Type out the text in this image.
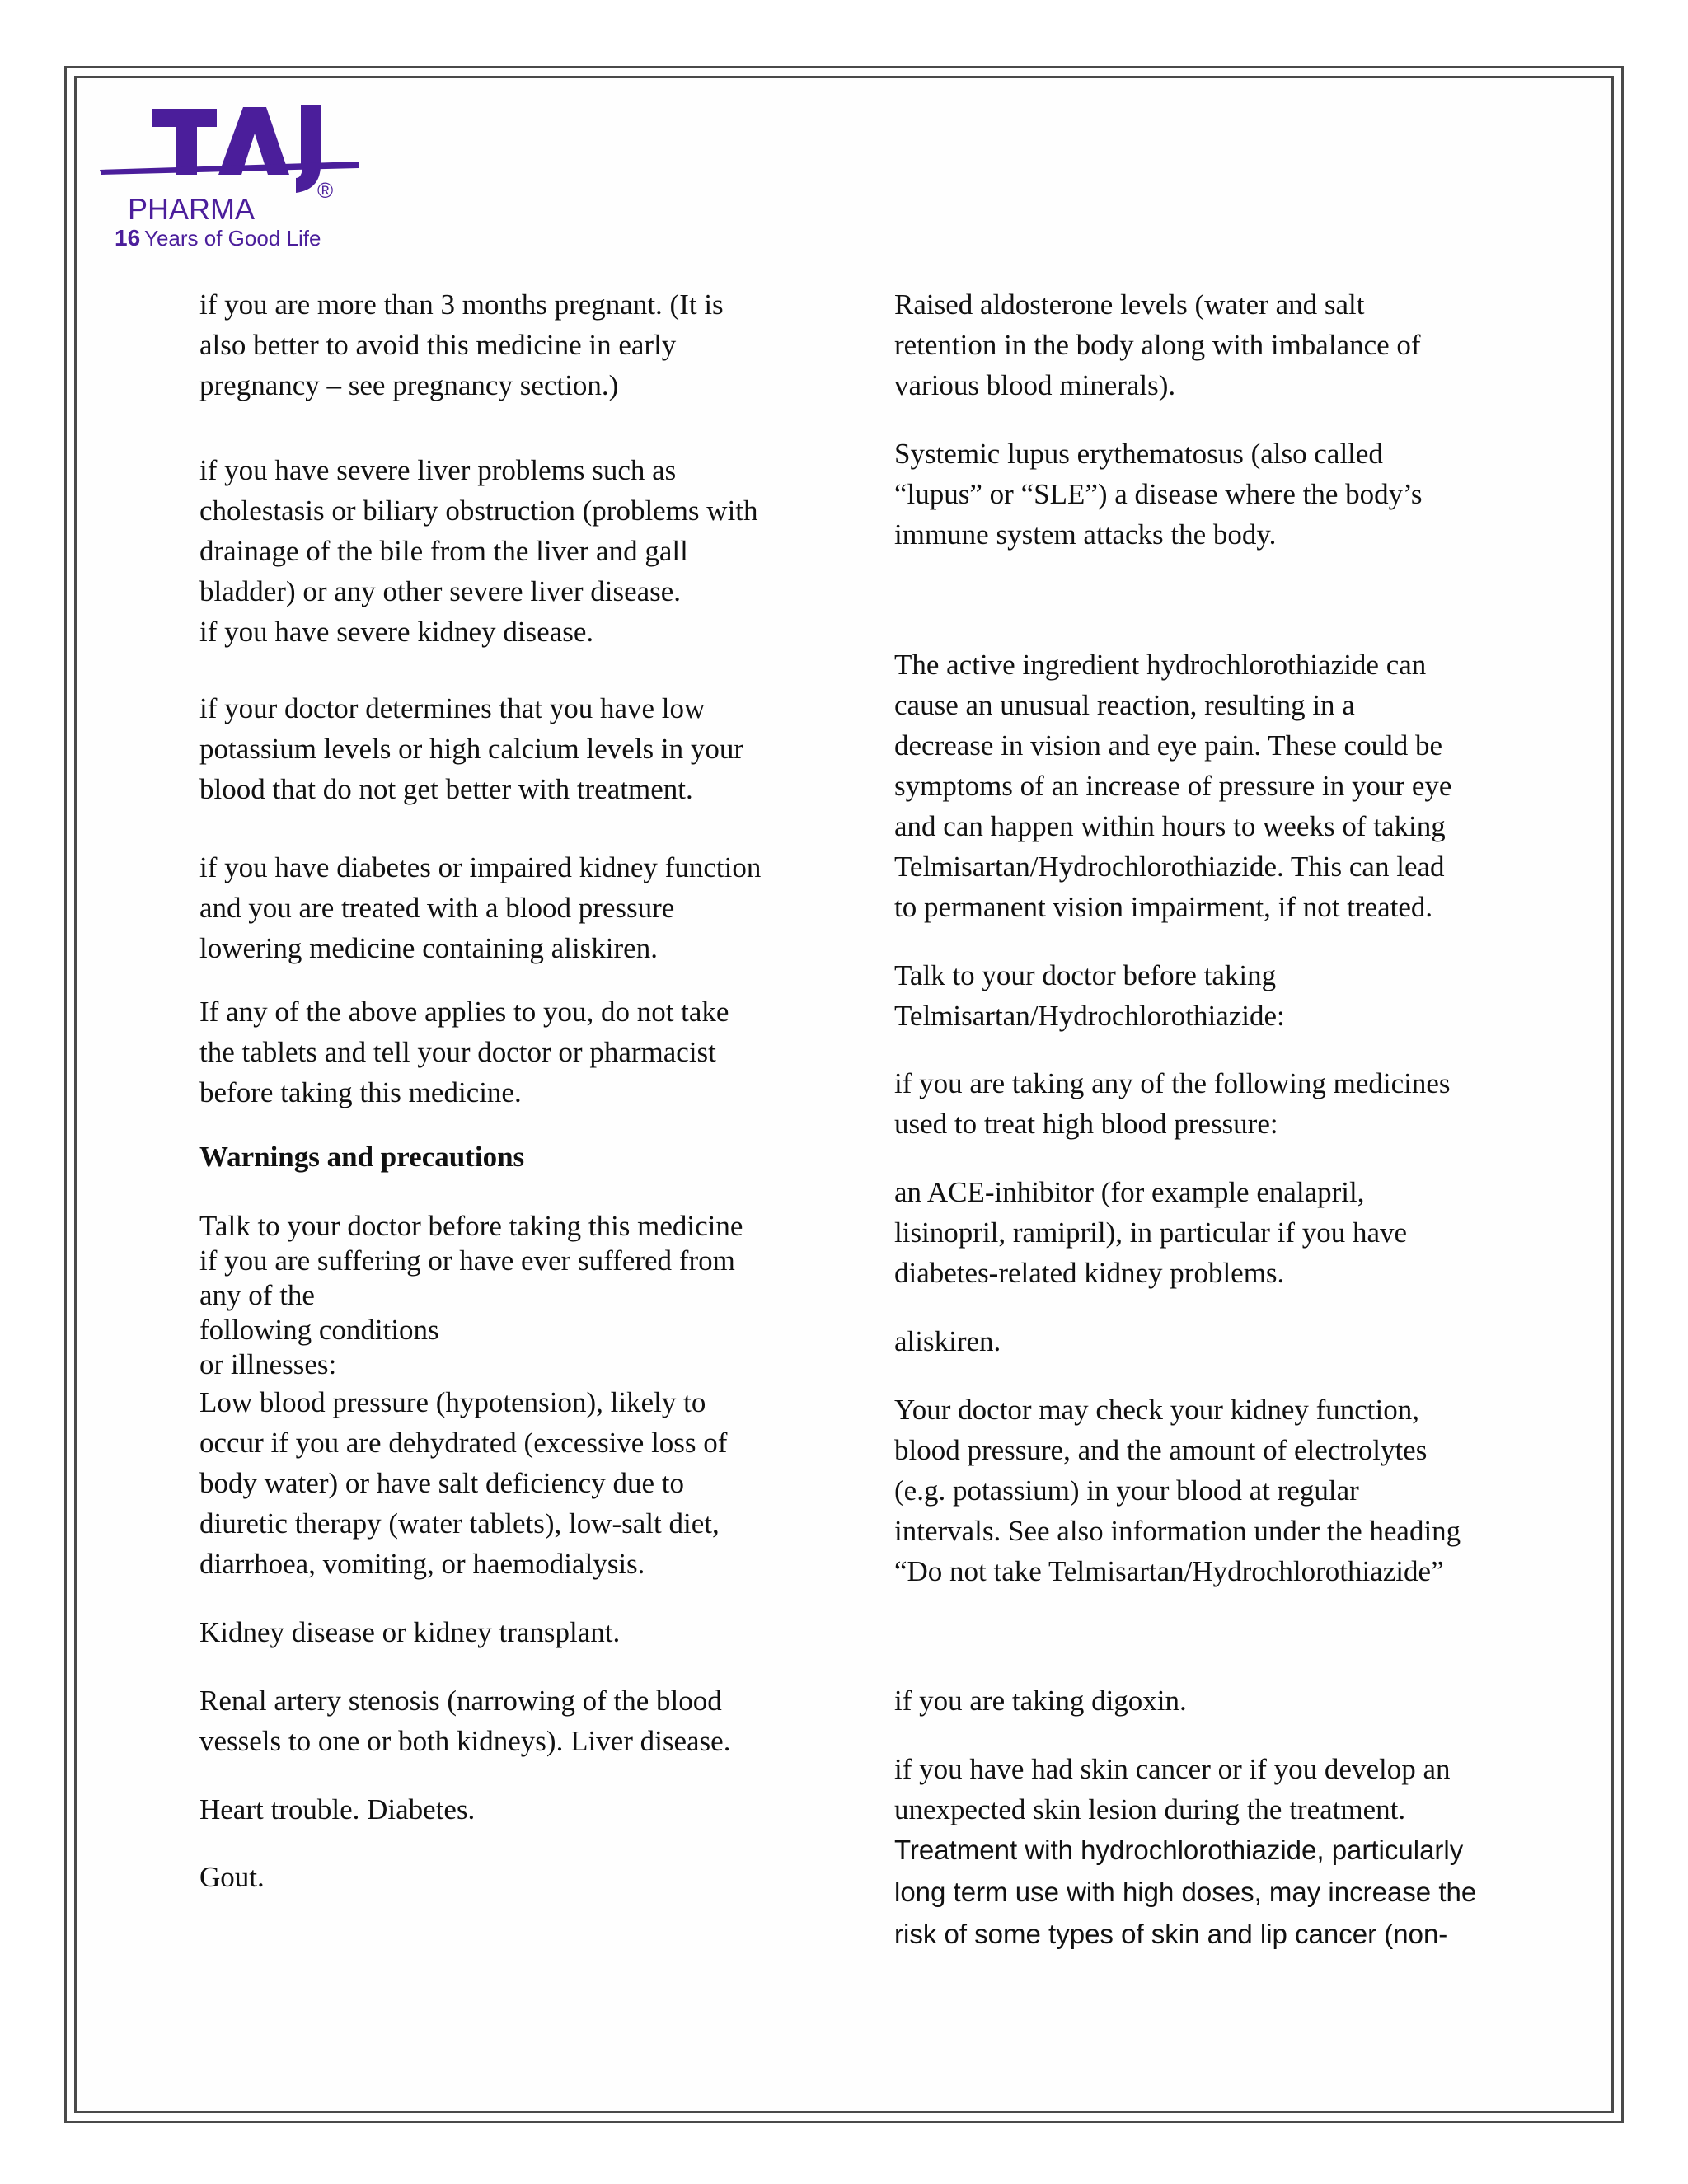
PHARMA
®
16 Years of Good Life
if you are more than 3 months pregnant. (It is
also better to avoid this medicine in early
pregnancy – see pregnancy section.)
if you have severe liver problems such as
cholestasis or biliary obstruction (problems with
drainage of the bile from the liver and gall
bladder) or any other severe liver disease.
if you have severe kidney disease.
if your doctor determines that you have low
potassium levels or high calcium levels in your
blood that do not get better with treatment.
if you have diabetes or impaired kidney function
and you are treated with a blood pressure
lowering medicine containing aliskiren.
If any of the above applies to you, do not take
the tablets and tell your doctor or pharmacist
before taking this medicine.
Warnings and precautions
Talk to your doctor before taking this medicine
if you are suffering or have ever suffered from
any of the
following conditions
or illnesses:
Low blood pressure (hypotension), likely to
occur if you are dehydrated (excessive loss of
body water) or have salt deficiency due to
diuretic therapy (water tablets), low-salt diet,
diarrhoea, vomiting, or haemodialysis.
Kidney disease or kidney transplant.
Renal artery stenosis (narrowing of the blood
vessels to one or both kidneys). Liver disease.
Heart trouble. Diabetes.
Gout.
Raised aldosterone levels (water and salt
retention in the body along with imbalance of
various blood minerals).
Systemic lupus erythematosus (also called
“lupus” or “SLE”) a disease where the body’s
immune system attacks the body.
The active ingredient hydrochlorothiazide can
cause an unusual reaction, resulting in a
decrease in vision and eye pain. These could be
symptoms of an increase of pressure in your eye
and can happen within hours to weeks of taking
Telmisartan/Hydrochlorothiazide. This can lead
to permanent vision impairment, if not treated.
Talk to your doctor before taking
Telmisartan/Hydrochlorothiazide:
if you are taking any of the following medicines
used to treat high blood pressure:
an ACE-inhibitor (for example enalapril,
lisinopril, ramipril), in particular if you have
diabetes-related kidney problems.
aliskiren.
Your doctor may check your kidney function,
blood pressure, and the amount of electrolytes
(e.g. potassium) in your blood at regular
intervals. See also information under the heading
“Do not take Telmisartan/Hydrochlorothiazide”
if you are taking digoxin.
if you have had skin cancer or if you develop an
unexpected skin lesion during the treatment.
Treatment with hydrochlorothiazide, particularly
long term use with high doses, may increase the
risk of some types of skin and lip cancer (non-
